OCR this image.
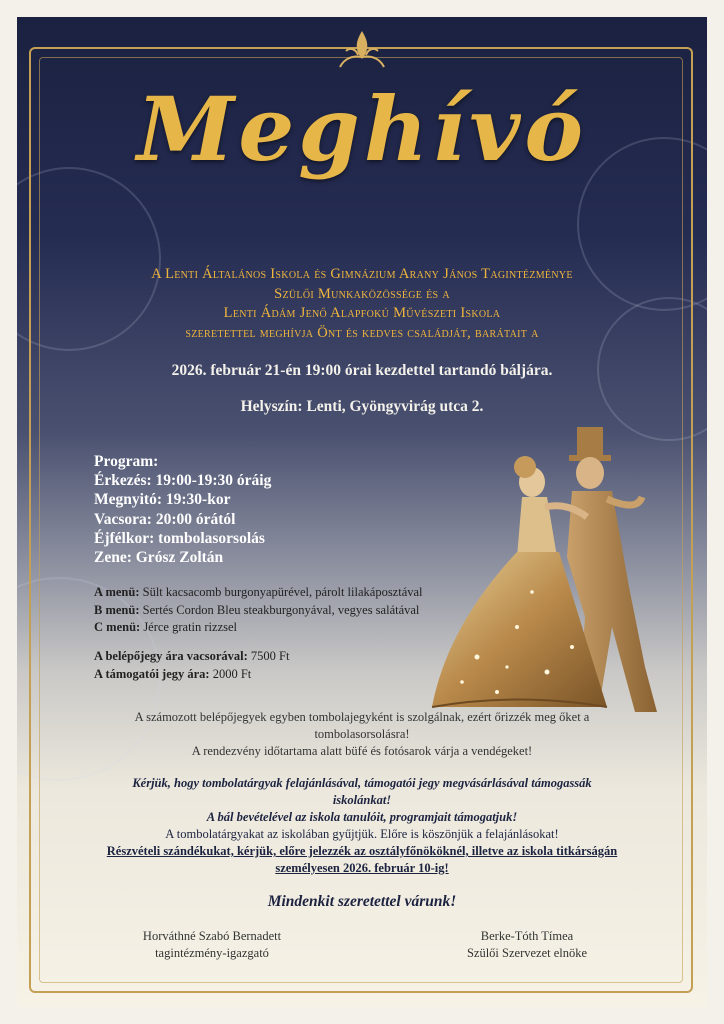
Meghívó
A Lenti Általános Iskola és Gimnázium Arany János Tagintézménye
Szülői Munkaközössége és a
Lenti Ádám Jenő Alapfokú Művészeti Iskola
szeretettel meghívja Önt és kedves családját, barátait a
2026. február 21-én 19:00 órai kezdettel tartandó báljára.
Helyszín: Lenti, Gyöngyvirág utca 2.
Program:
Érkezés: 19:00-19:30 óráig
Megnyitó: 19:30-kor
Vacsora: 20:00 órától
Éjfélkor: tombolasorsolás
Zene: Grósz Zoltán
A menü: Sült kacsacomb burgonyapürével, párolt lilakáposztával
B menü: Sertés Cordon Bleu steakburgonyával, vegyes salátával
C menü: Jérce gratin rizzsel
A belépőjegy ára vacsorával: 7500 Ft
A támogatói jegy ára: 2000 Ft
A számozott belépőjegyek egyben tombolajegyként is szolgálnak, ezért őrizzék meg őket a
tombolasorsolásra!
A rendezvény időtartama alatt büfé és fotósarok várja a vendégeket!
Kérjük, hogy tombolatárgyak felajánlásával, támogatói jegy megvásárlásával támogassák
iskolánkat!
A bál bevételével az iskola tanulóit, programjait támogatjuk!
A tombolatárgyakat az iskolában gyűjtjük. Előre is köszönjük a felajánlásokat!
Részvételi szándékukat, kérjük, előre jelezzék az osztályfőnököknél, illetve az iskola titkárságán
személyesen 2026. február 10-ig!
Mindenkit szeretettel várunk!
Horváthné Szabó Bernadett
tagintézmény-igazgató
Berke-Tóth Tímea
Szülői Szervezet elnöke
